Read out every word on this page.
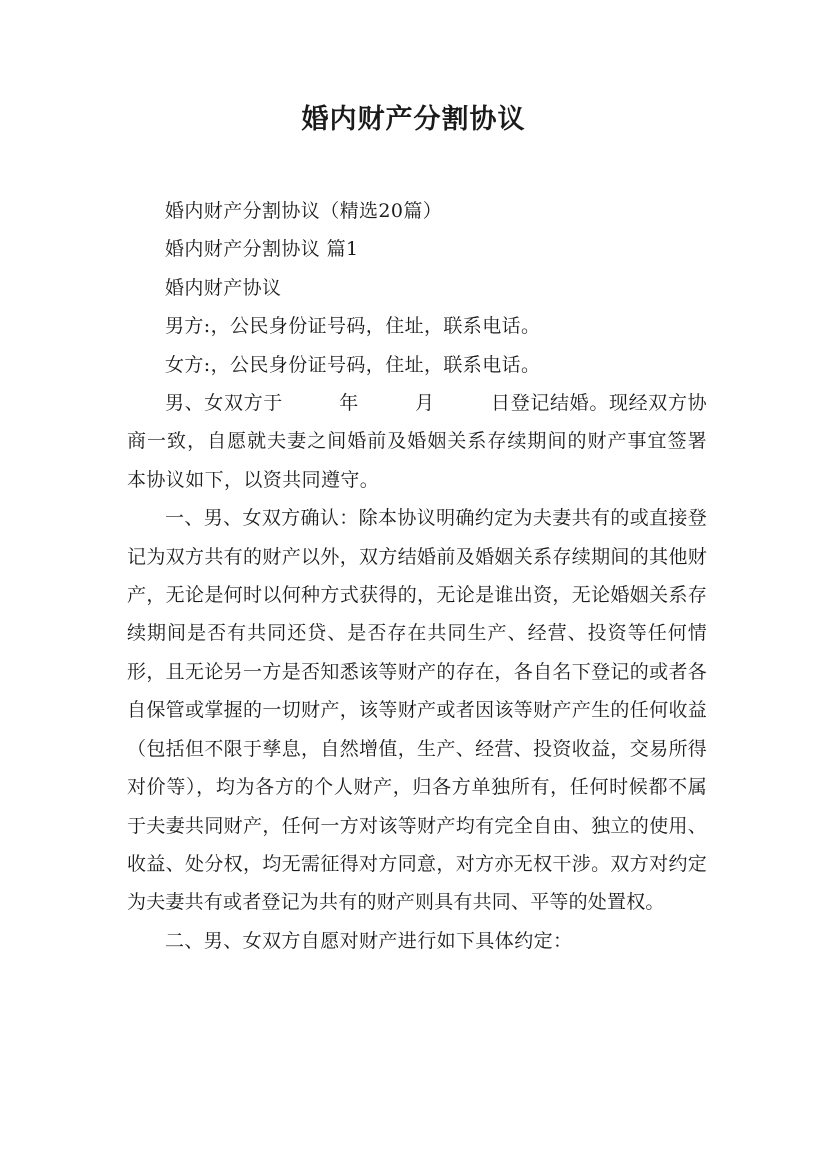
婚内财产分割协议

婚内财产分割协议（精选20篇）

婚内财产分割协议 篇1

婚内财产协议

男方:，公民身份证号码，住址，联系电话。

女方:，公民身份证号码，住址，联系电话。

男、女双方于	年	月	日登记结婚。现经双方协商一致，自愿就夫妻之间婚前及婚姻关系存续期间的财产事宜签署本协议如下，以资共同遵守。

一、男、女双方确认：除本协议明确约定为夫妻共有的或直接登记为双方共有的财产以外，双方结婚前及婚姻关系存续期间的其他财产，无论是何时以何种方式获得的，无论是谁出资，无论婚姻关系存续期间是否有共同还贷、是否存在共同生产、经营、投资等任何情形，且无论另一方是否知悉该等财产的存在，各自名下登记的或者各自保管或掌握的一切财产，该等财产或者因该等财产产生的任何收益（包括但不限于孳息，自然增值，生产、经营、投资收益，交易所得对价等），均为各方的个人财产，归各方单独所有，任何时候都不属于夫妻共同财产，任何一方对该等财产均有完全自由、独立的使用、收益、处分权，均无需征得对方同意，对方亦无权干涉。双方对约定为夫妻共有或者登记为共有的财产则具有共同、平等的处置权。

二、男、女双方自愿对财产进行如下具体约定：
